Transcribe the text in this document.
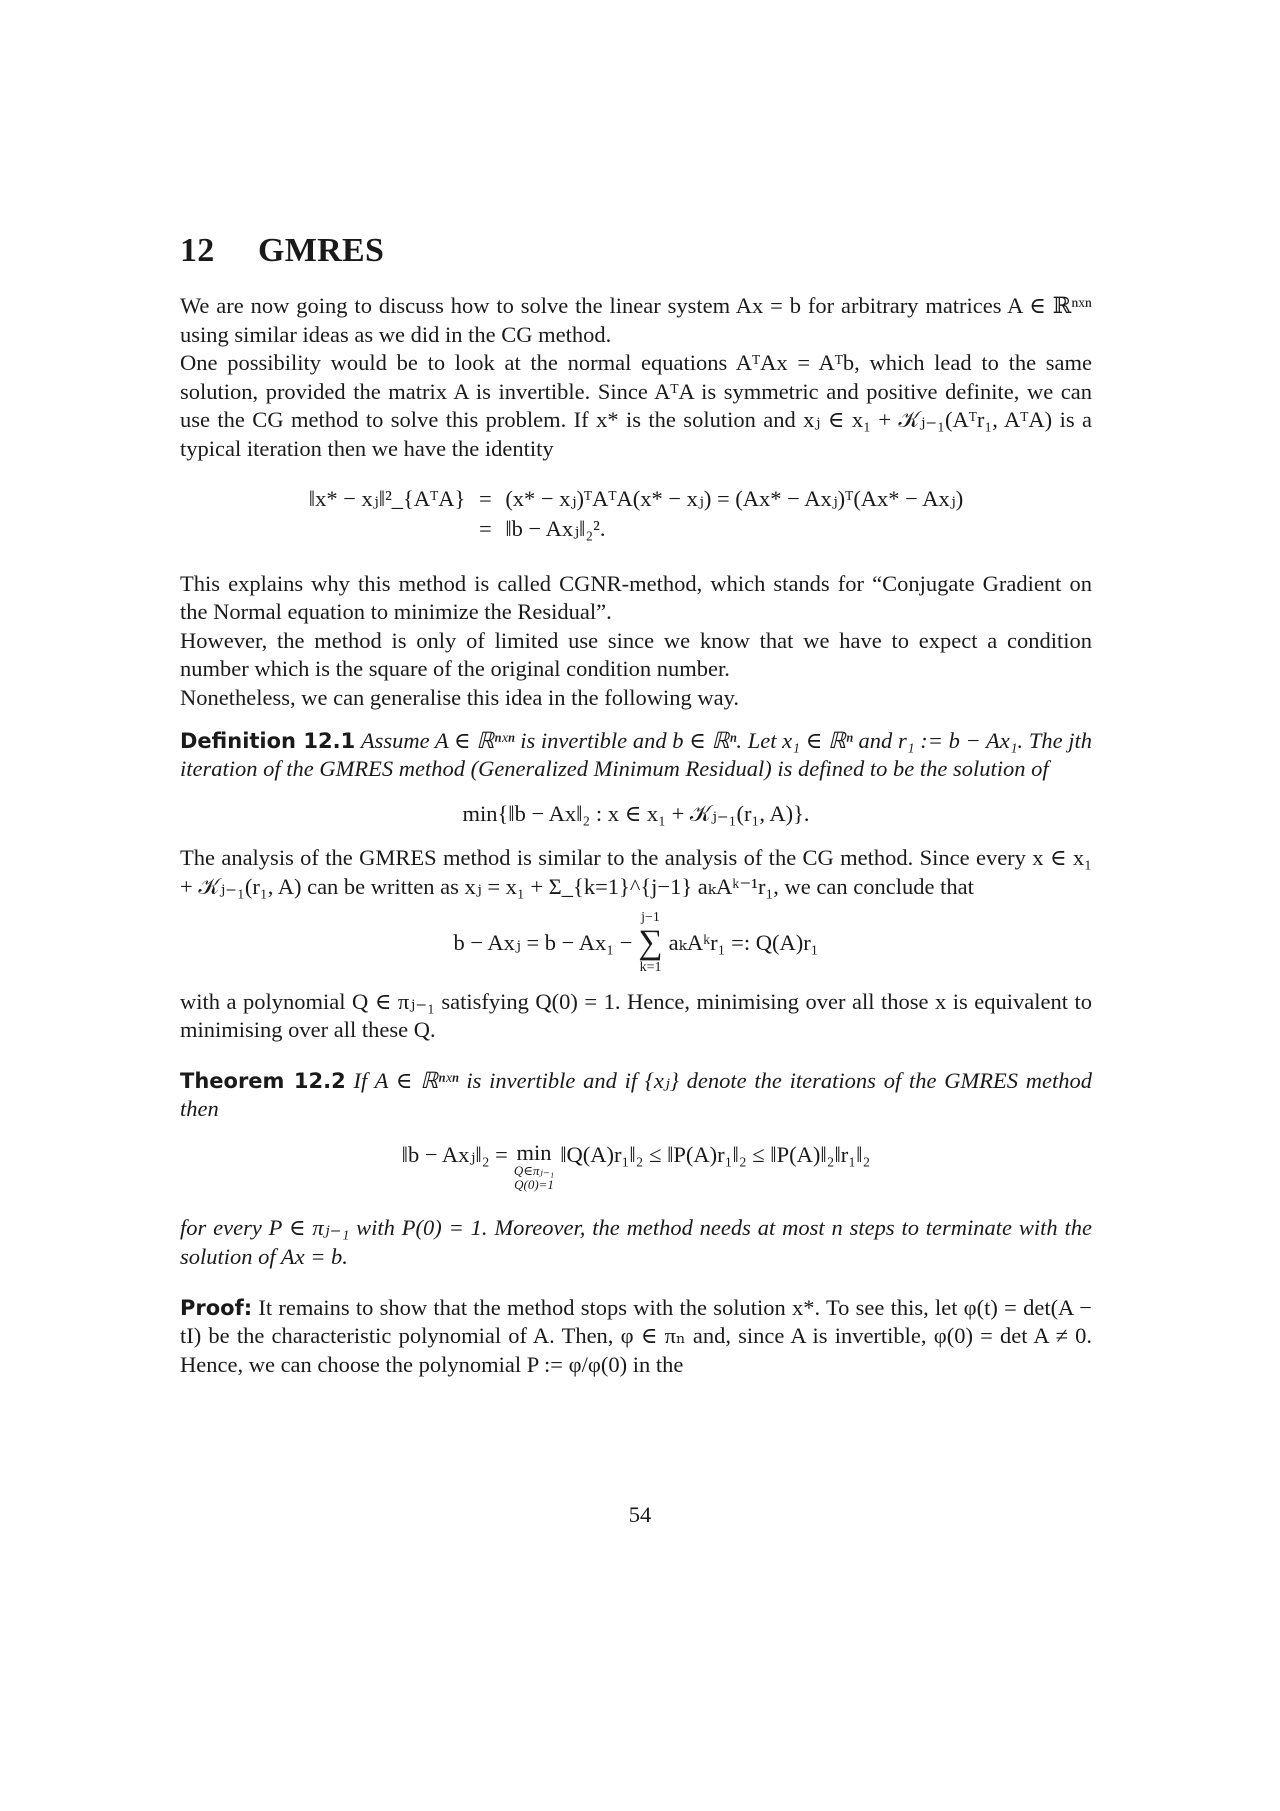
12 GMRES

We are now going to discuss how to solve the linear system Ax = b for arbitrary matrices A ∈ ℝⁿˣⁿ using similar ideas as we did in the CG method.

One possibility would be to look at the normal equations AᵀAx = Aᵀb, which lead to the same solution, provided the matrix A is invertible. Since AᵀA is symmetric and positive definite, we can use the CG method to solve this problem. If x* is the solution and xⱼ ∈ x₁ + 𝒦ⱼ₋₁(Aᵀr₁, AᵀA) is a typical iteration then we have the identity

‖x* − xⱼ‖²_{AᵀA} = (x* − xⱼ)ᵀAᵀA(x* − xⱼ) = (Ax* − Axⱼ)ᵀ(Ax* − Axⱼ)
= ‖b − Axⱼ‖₂².

This explains why this method is called CGNR-method, which stands for “Conjugate Gradient on the Normal equation to minimize the Residual”.

However, the method is only of limited use since we know that we have to expect a condition number which is the square of the original condition number.

Nonetheless, we can generalise this idea in the following way.

Definition 12.1 Assume A ∈ ℝⁿˣⁿ is invertible and b ∈ ℝⁿ. Let x₁ ∈ ℝⁿ and r₁ := b − Ax₁. The jth iteration of the GMRES method (Generalized Minimum Residual) is defined to be the solution of

min{‖b − Ax‖₂ : x ∈ x₁ + 𝒦ⱼ₋₁(r₁, A)}.

The analysis of the GMRES method is similar to the analysis of the CG method. Since every x ∈ x₁ + 𝒦ⱼ₋₁(r₁, A) can be written as xⱼ = x₁ + Σ_{k=1}^{j−1} aₖAᵏ⁻¹r₁, we can conclude that

b − Axⱼ = b − Ax₁ −
j−1
∑
k=1
aₖAᵏr₁ =: Q(A)r₁

with a polynomial Q ∈ πⱼ₋₁ satisfying Q(0) = 1. Hence, minimising over all those x is equivalent to minimising over all these Q.

Theorem 12.2 If A ∈ ℝⁿˣⁿ is invertible and if {xⱼ} denote the iterations of the GMRES method then

‖b − Axⱼ‖₂ = min
Q∈πⱼ₋₁
Q(0)=1
‖Q(A)r₁‖₂ ≤ ‖P(A)r₁‖₂ ≤ ‖P(A)‖₂‖r₁‖₂

for every P ∈ πⱼ₋₁ with P(0) = 1. Moreover, the method needs at most n steps to terminate with the solution of Ax = b.

Proof: It remains to show that the method stops with the solution x*. To see this, let φ(t) = det(A − tI) be the characteristic polynomial of A. Then, φ ∈ πₙ and, since A is invertible, φ(0) = det A ≠ 0. Hence, we can choose the polynomial P := φ/φ(0) in the

54
